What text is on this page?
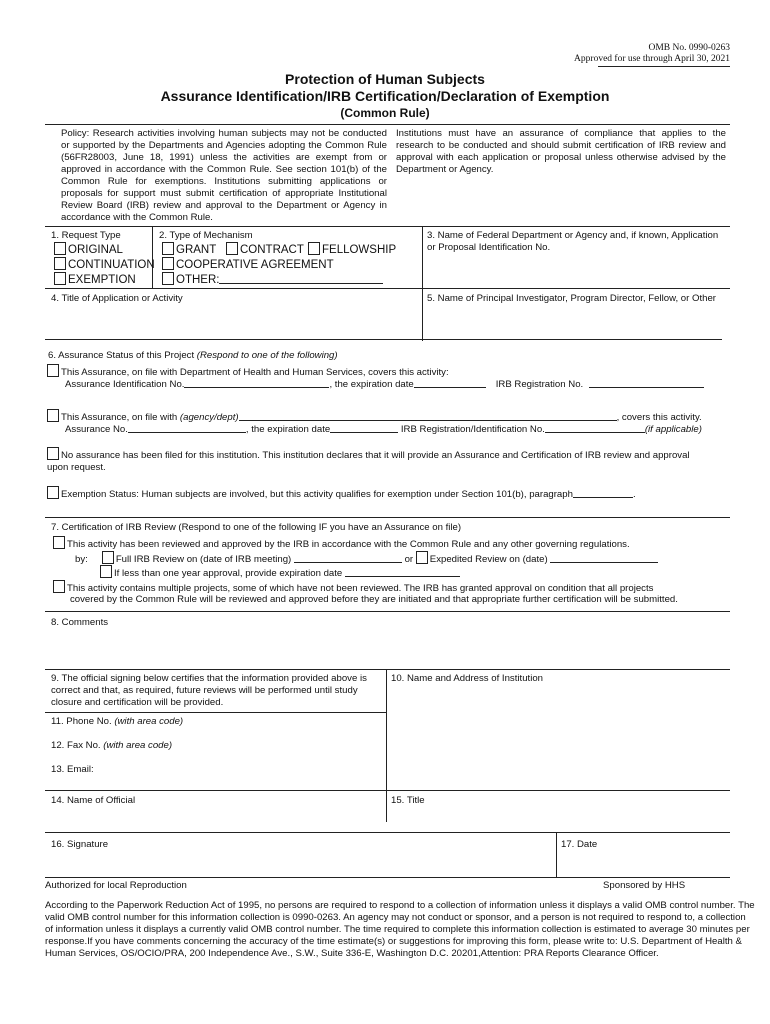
OMB No. 0990-0263
Approved for use through April 30, 2021
Protection of Human Subjects
Assurance Identification/IRB Certification/Declaration of Exemption
(Common Rule)
Policy: Research activities involving human subjects may not be conducted or supported by the Departments and Agencies adopting the Common Rule (56FR28003, June 18, 1991) unless the activities are exempt from or approved in accordance with the Common Rule. See section 101(b) of the Common Rule for exemptions. Institutions submitting applications or proposals for support must submit certification of appropriate Institutional Review Board (IRB) review and approval to the Department or Agency in accordance with the Common Rule.
Institutions must have an assurance of compliance that applies to the research to be conducted and should submit certification of IRB review and approval with each application or proposal unless otherwise advised by the Department or Agency.
1. Request Type
ORIGINAL
CONTINUATION
EXEMPTION
2. Type of Mechanism
GRANT	CONTRACT	FELLOWSHIP
COOPERATIVE AGREEMENT
OTHER:
3. Name of Federal Department or Agency and, if known, Application or Proposal Identification No.
4. Title of Application or Activity	5. Name of Principal Investigator, Program Director, Fellow, or Other
6. Assurance Status of this Project (Respond to one of the following)
This Assurance, on file with Department of Health and Human Services, covers this activity:
Assurance Identification No.	, the expiration date	IRB Registration No.
This Assurance, on file with (agency/dept)	, covers this activity.
Assurance No.	, the expiration date	IRB Registration/Identification No.	(if applicable)
No assurance has been filed for this institution. This institution declares that it will provide an Assurance and Certification of IRB review and approval upon request.
Exemption Status: Human subjects are involved, but this activity qualifies for exemption under Section 101(b), paragraph	.
7. Certification of IRB Review (Respond to one of the following IF you have an Assurance on file)
This activity has been reviewed and approved by the IRB in accordance with the Common Rule and any other governing regulations.
by:	Full IRB Review on (date of IRB meeting)	or Expedited Review on (date)
If less than one year approval, provide expiration date
This activity contains multiple projects, some of which have not been reviewed. The IRB has granted approval on condition that all projects
covered by the Common Rule will be reviewed and approved before they are initiated and that appropriate further certification will be submitted.
8. Comments
9. The official signing below certifies that the information provided above is correct and that, as required, future reviews will be performed until study closure and certification will be provided.
10. Name and Address of Institution
11. Phone No. (with area code)
12. Fax No. (with area code)
13. Email:
14. Name of Official	15. Title
16. Signature	17. Date
Authorized for local Reproduction	Sponsored by HHS
According to the Paperwork Reduction Act of 1995, no persons are required to respond to a collection of information unless it displays a valid OMB control number. The valid OMB control number for this information collection is 0990-0263. An agency may not conduct or sponsor, and a person is not required to respond to, a collection of information unless it displays a currently valid OMB control number. The time required to complete this information collection is estimated to average 30 minutes per response.If you have comments concerning the accuracy of the time estimate(s) or suggestions for improving this form, please write to: U.S. Department of Health & Human Services, OS/OCIO/PRA, 200 Independence Ave., S.W., Suite 336-E, Washington D.C. 20201,Attention: PRA Reports Clearance Officer.
